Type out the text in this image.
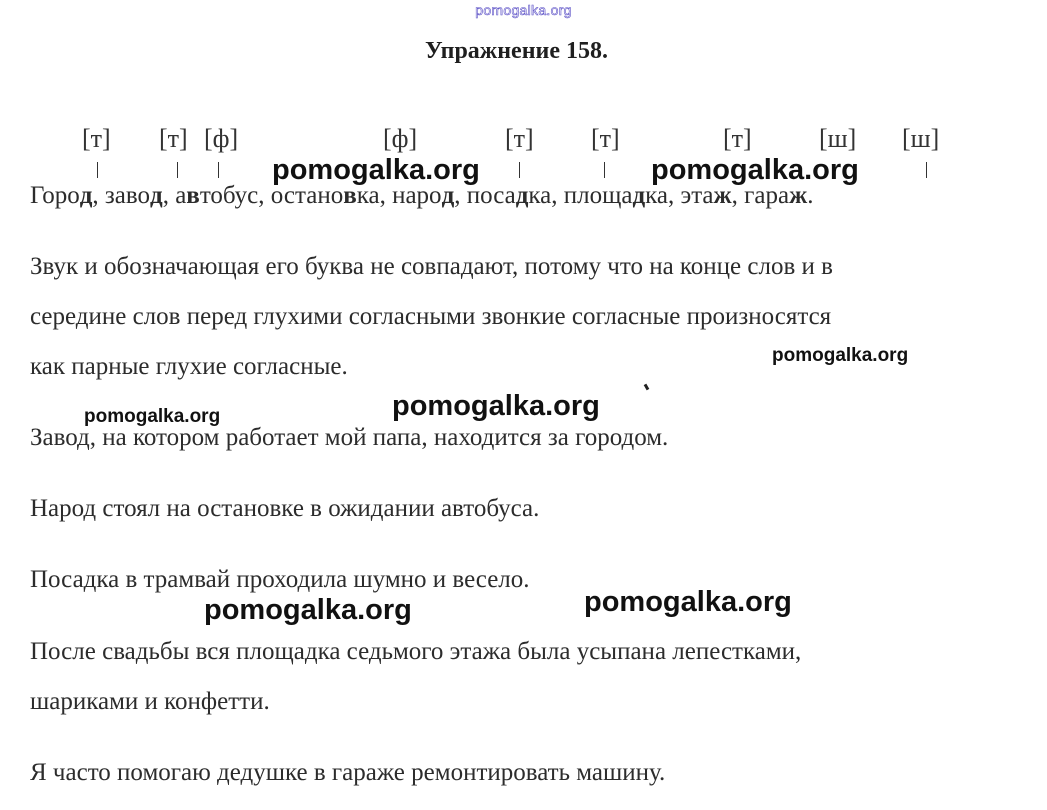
pomogalka.org
Упражнение 158.
[т] [т] [ф]	[ф]	[т] [т]	[т]	[ш] [ш]
Город, завод, автобус, остановка, народ, посадка, площадка, этаж, гараж.
Звук и обозначающая его буква не совпадают, потому что на конце слов и в
середине слов перед глухими согласными звонкие согласные произносятся
как парные глухие согласные.
Завод, на котором работает мой папа, находится за городом.
Народ стоял на остановке в ожидании автобуса.
Посадка в трамвай проходила шумно и весело.
После свадьбы вся площадка седьмого этажа была усыпана лепестками,
шариками и конфетти.
Я часто помогаю дедушке в гараже ремонтировать машину.
pomogalka.org	pomogalka.org
pomogalka.org
pomogalka.org
pomogalka.org
pomogalka.org
pomogalka.org
